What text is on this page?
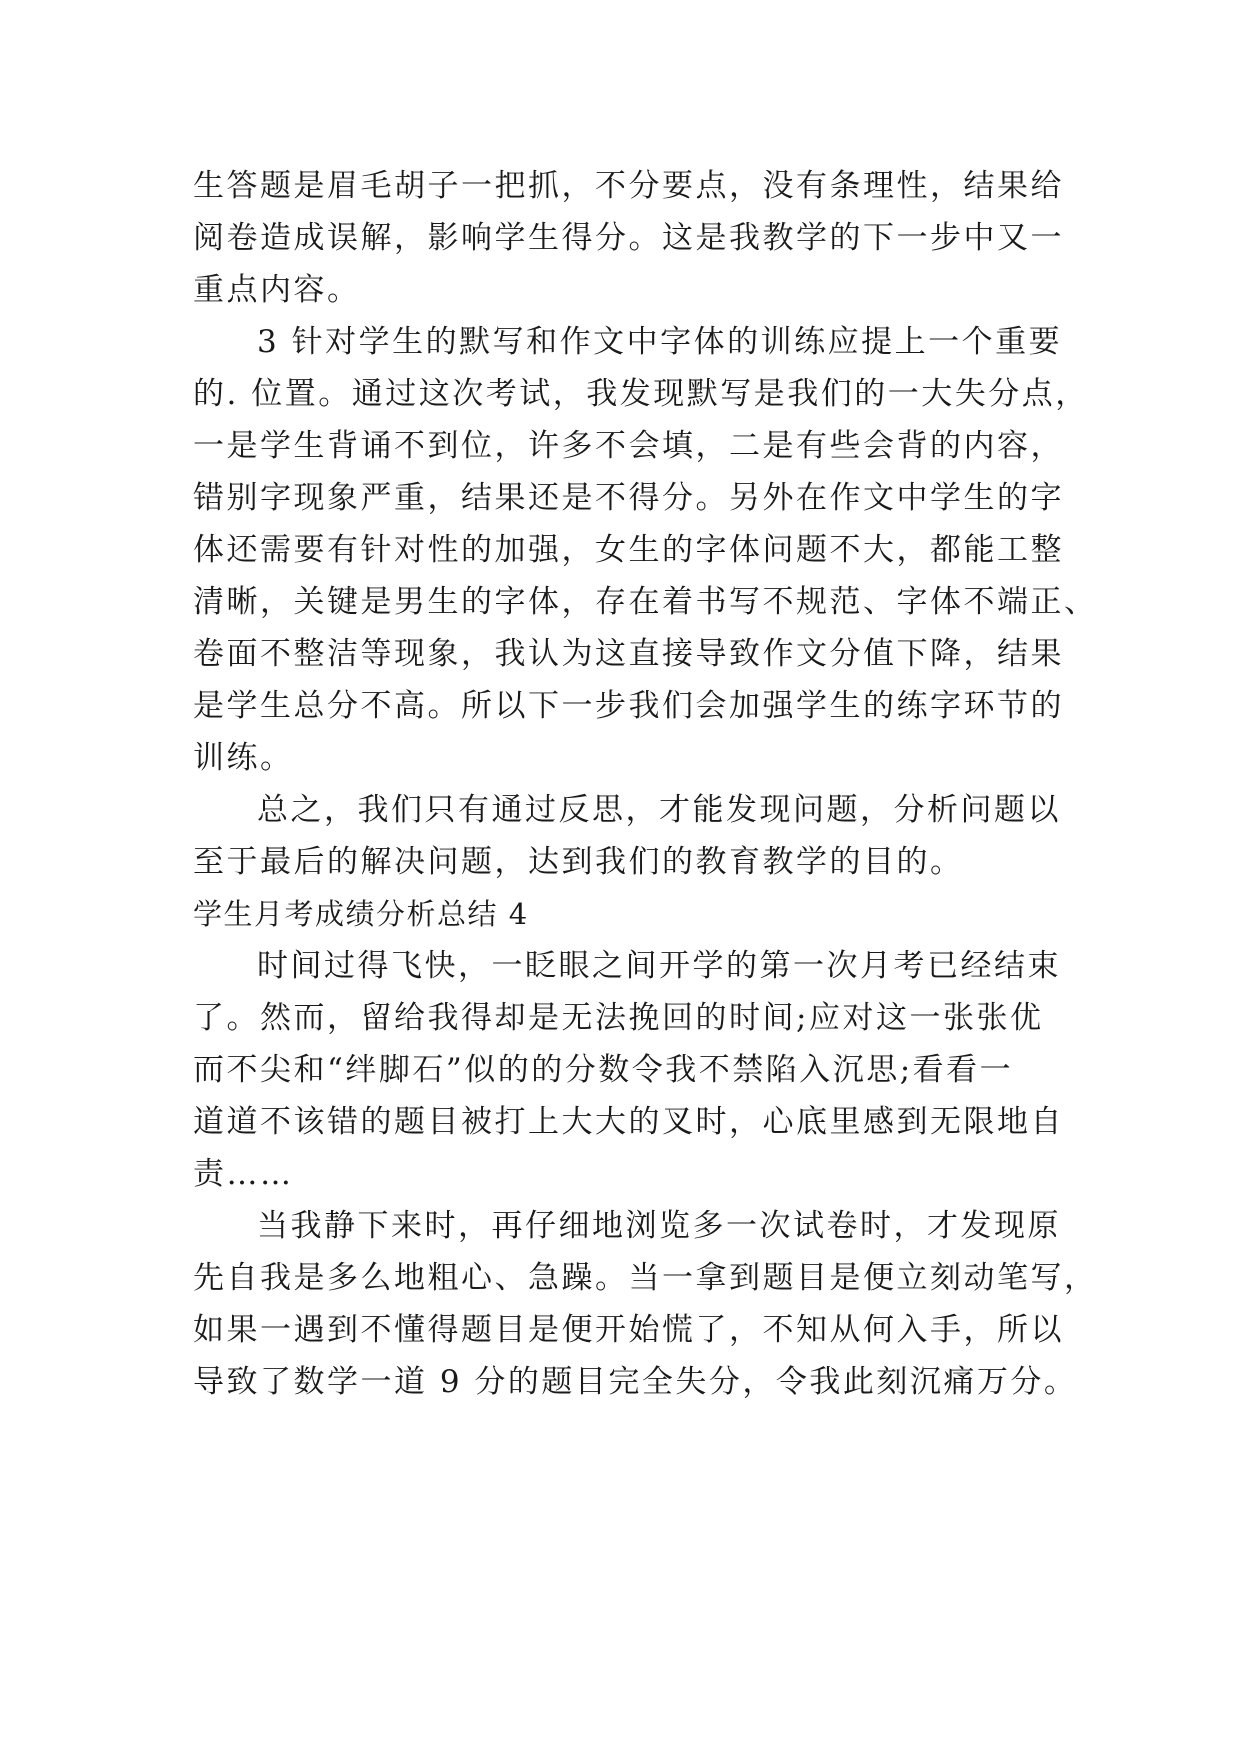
生答题是眉毛胡子一把抓，不分要点，没有条理性，结果给
阅卷造成误解，影响学生得分。这是我教学的下一步中又一
重点内容。
3 针对学生的默写和作文中字体的训练应提上一个重要
的. 位置。通过这次考试，我发现默写是我们的一大失分点，
一是学生背诵不到位，许多不会填，二是有些会背的内容，
错别字现象严重，结果还是不得分。另外在作文中学生的字
体还需要有针对性的加强，女生的字体问题不大，都能工整
清晰，关键是男生的字体，存在着书写不规范、字体不端正、
卷面不整洁等现象，我认为这直接导致作文分值下降，结果
是学生总分不高。所以下一步我们会加强学生的练字环节的
训练。
总之，我们只有通过反思，才能发现问题，分析问题以
至于最后的解决问题，达到我们的教育教学的目的。
学生月考成绩分析总结 4
时间过得飞快，一眨眼之间开学的第一次月考已经结束
了。然而，留给我得却是无法挽回的时间;应对这一张张优
而不尖和“绊脚石”似的的分数令我不禁陷入沉思;看看一
道道不该错的题目被打上大大的叉时，心底里感到无限地自
责……
当我静下来时，再仔细地浏览多一次试卷时，才发现原
先自我是多么地粗心、急躁。当一拿到题目是便立刻动笔写，
如果一遇到不懂得题目是便开始慌了，不知从何入手，所以
导致了数学一道 9 分的题目完全失分，令我此刻沉痛万分。
